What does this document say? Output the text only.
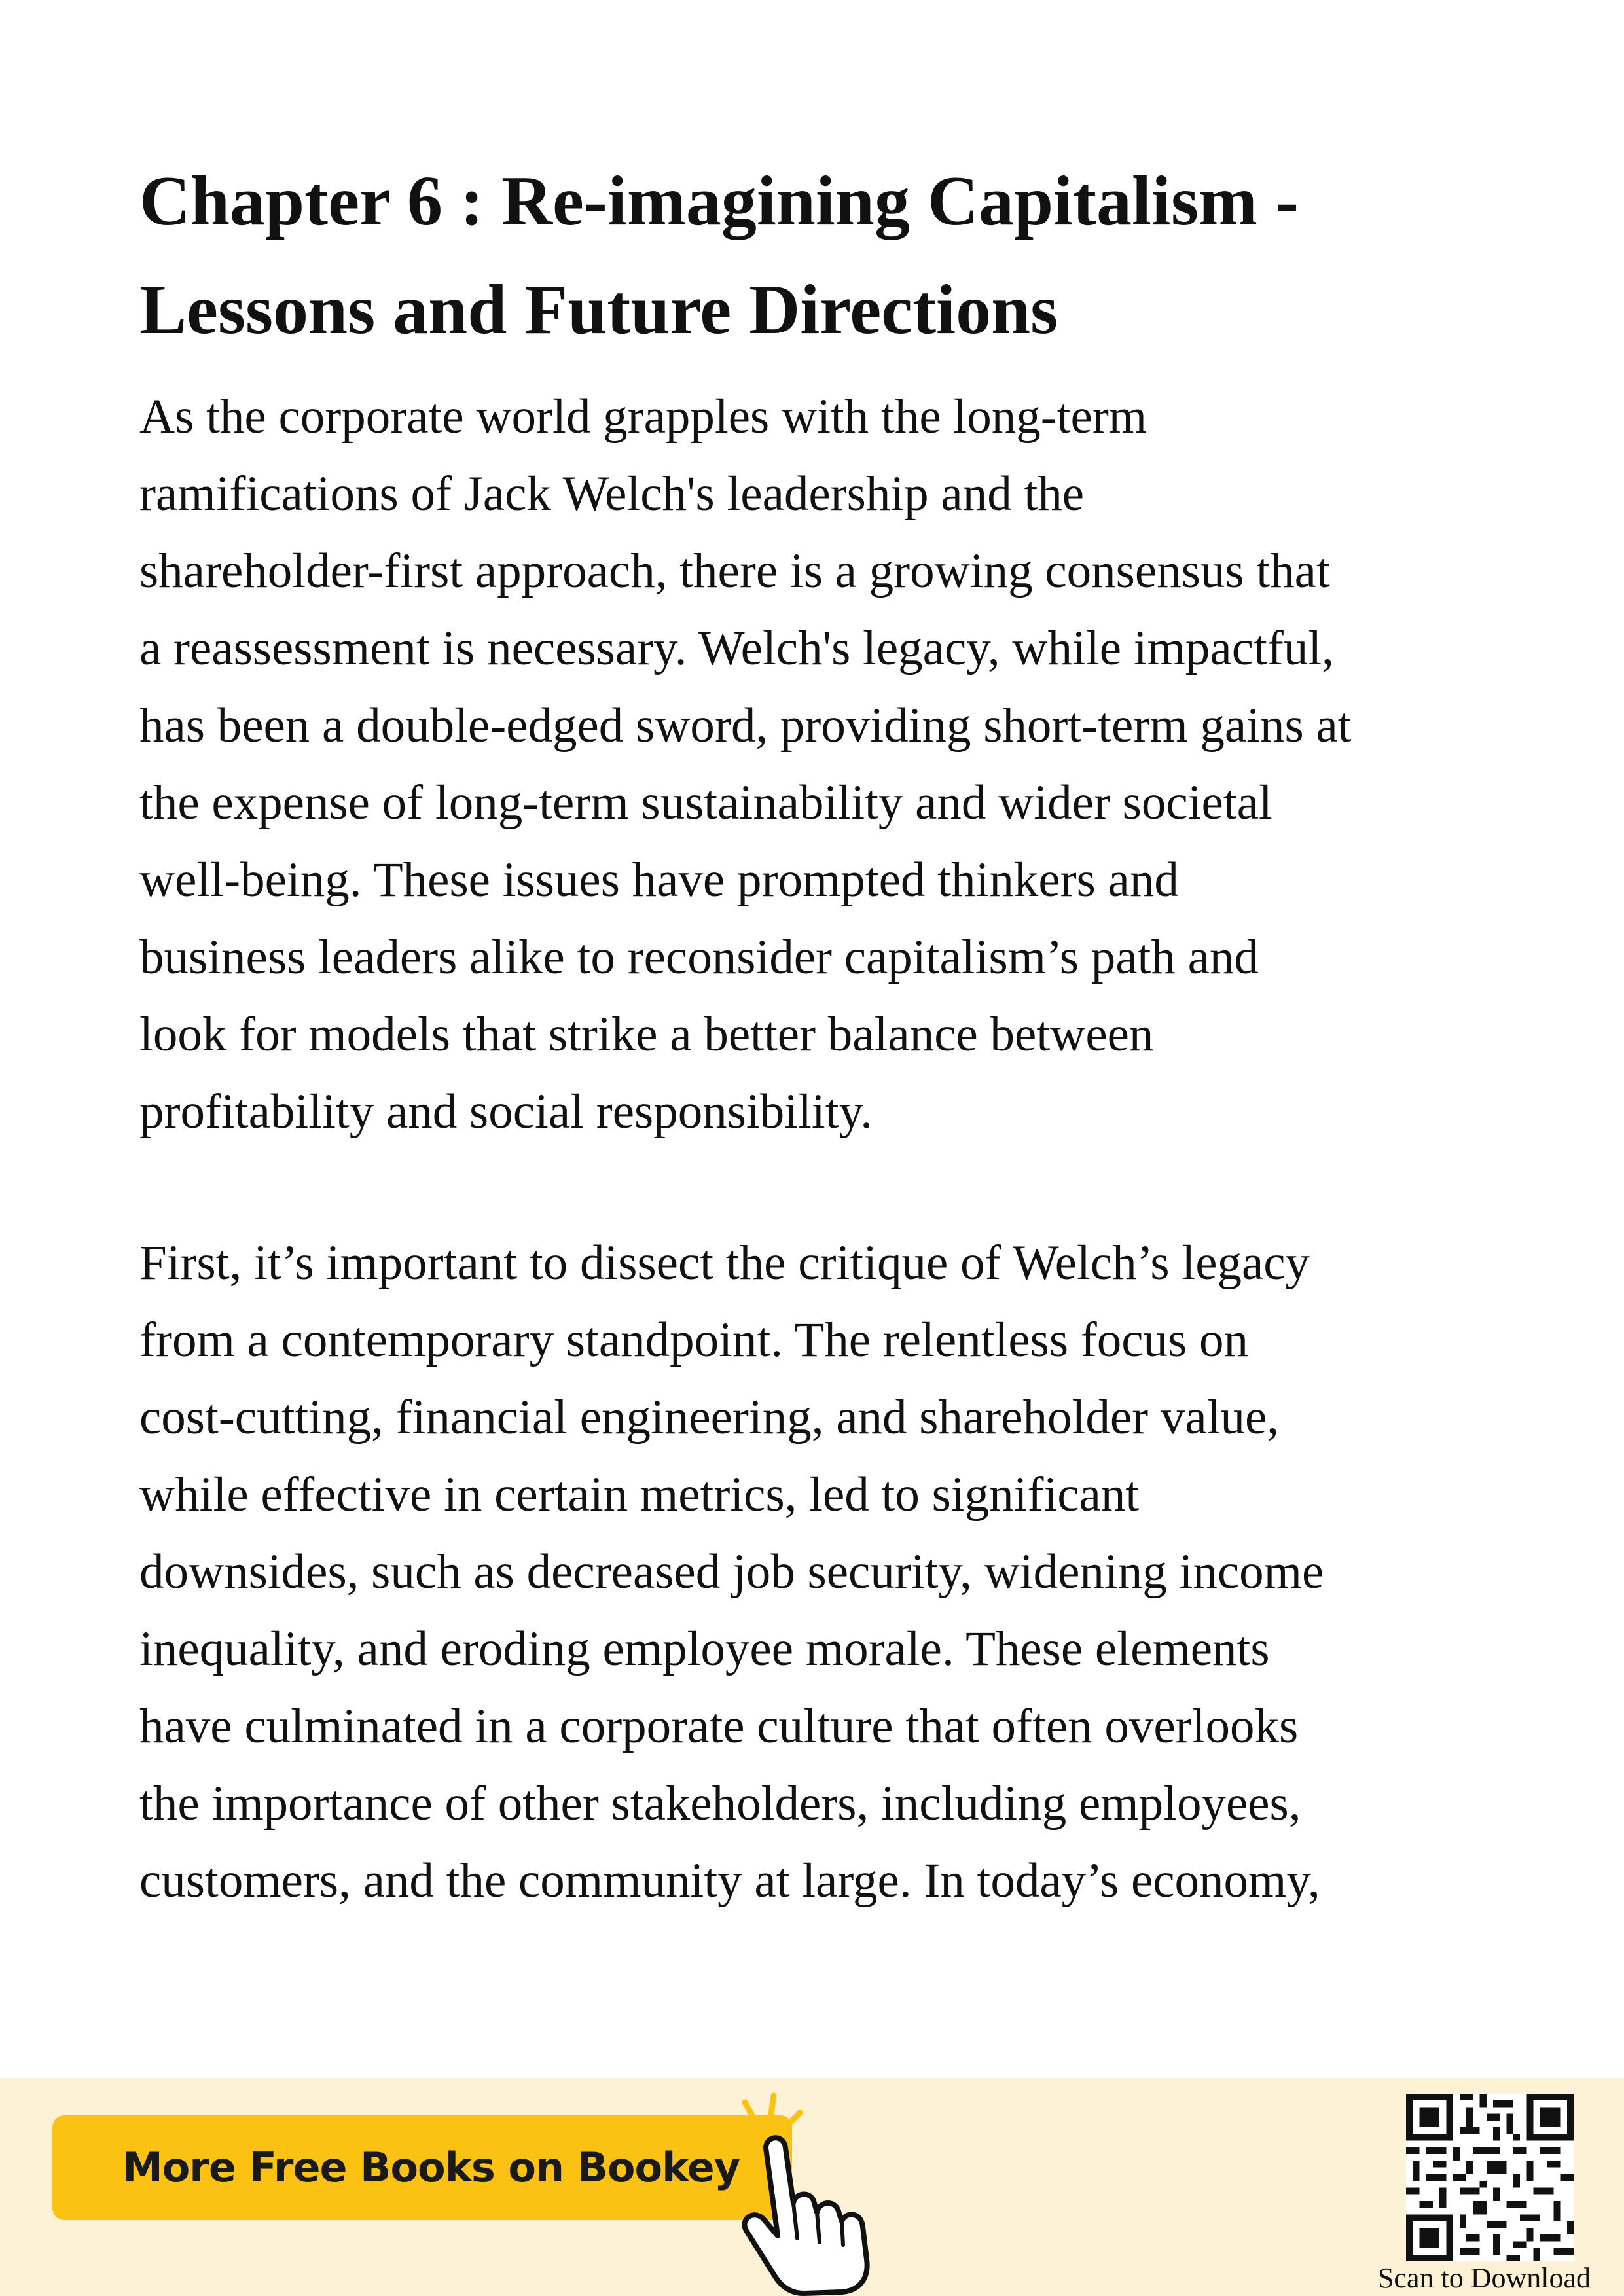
Chapter 6 : Re-imagining Capitalism -
Lessons and Future Directions

As the corporate world grapples with the long-term
ramifications of Jack Welch's leadership and the
shareholder-first approach, there is a growing consensus that
a reassessment is necessary. Welch's legacy, while impactful,
has been a double-edged sword, providing short-term gains at
the expense of long-term sustainability and wider societal
well-being. These issues have prompted thinkers and
business leaders alike to reconsider capitalism’s path and
look for models that strike a better balance between
profitability and social responsibility.

First, it’s important to dissect the critique of Welch’s legacy
from a contemporary standpoint. The relentless focus on
cost-cutting, financial engineering, and shareholder value,
while effective in certain metrics, led to significant
downsides, such as decreased job security, widening income
inequality, and eroding employee morale. These elements
have culminated in a corporate culture that often overlooks
the importance of other stakeholders, including employees,
customers, and the community at large. In today’s economy,

More Free Books on Bookey
Scan to Download
